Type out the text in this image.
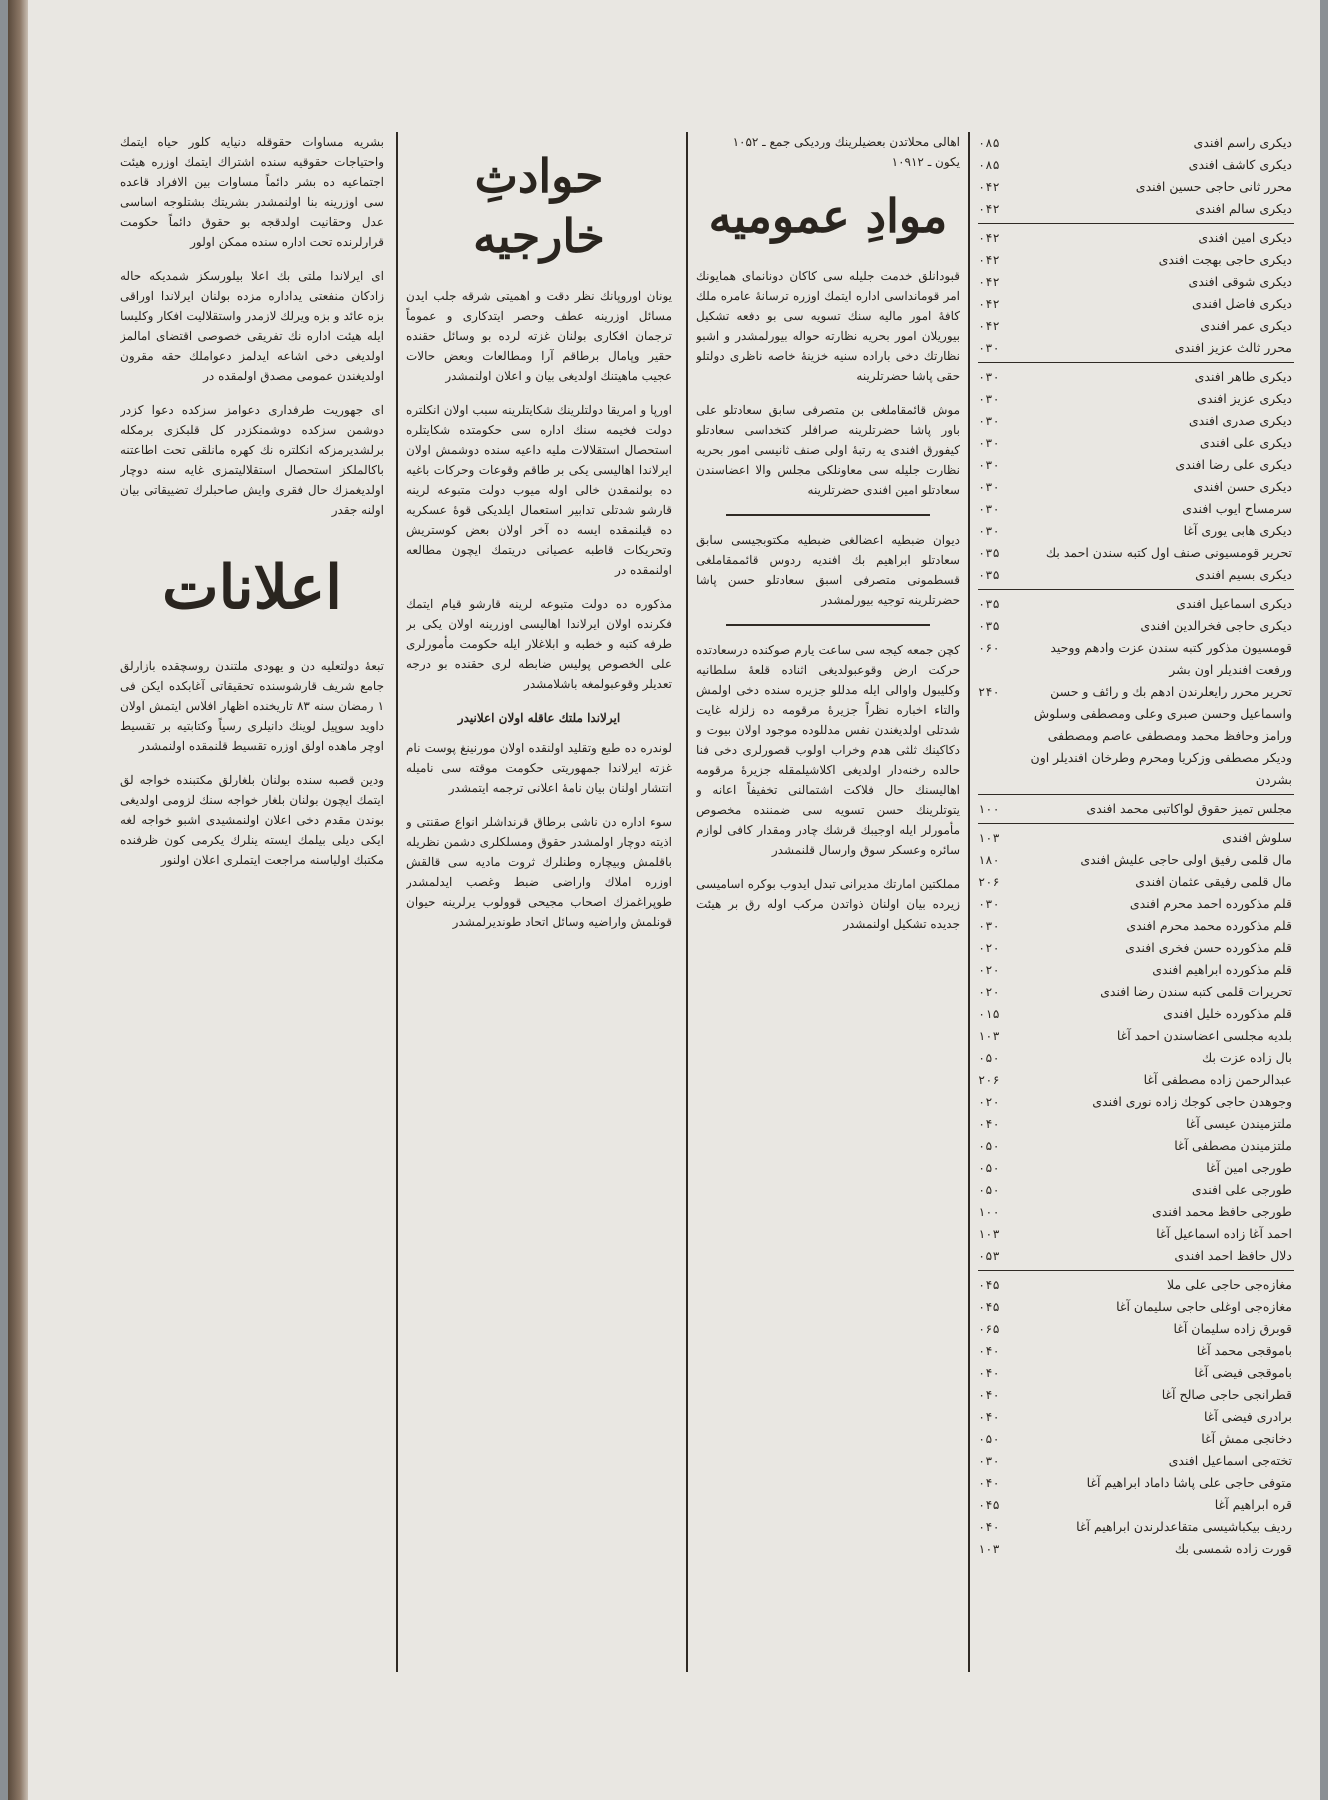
دیکری راسم افندی
۰۸۵
دیکری کاشف افندی
۰۸۵
محرر ثانی حاجی حسین افندی
۰۴۲
دیکری سالم افندی
۰۴۲
دیکری امین افندی
۰۴۲
دیکری حاجی بهجت افندی
۰۴۲
دیکری شوقی افندی
۰۴۲
دیکری فاضل افندی
۰۴۲
دیکری عمر افندی
۰۴۲
محرر ثالث عزیز افندی
۰۳۰
دیکری طاهر افندی
۰۳۰
دیکری عزیز افندی
۰۳۰
دیکری صدری افندی
۰۳۰
دیکری علی افندی
۰۳۰
دیکری علی رضا افندی
۰۳۰
دیکری حسن افندی
۰۳۰
سرمساح ایوب افندی
۰۳۰
دیکری هابی یوری آغا
۰۳۰
تحریر قومسیونی صنف اول کتبه سندن احمد بك
۰۳۵
دیکری بسیم افندی
۰۳۵
دیکری اسماعیل افندی
۰۳۵
دیکری حاجی فخرالدین افندی
۰۳۵
قومسیون مذکور کتبه سندن عزت وادهم ووحید ورفعت افندیلر اون بشر
۰۶۰
تحریر محرر رایعلرندن ادهم بك و رائف و حسن واسماعیل وحسن صبری وعلی ومصطفی وسلوش ورامز وحافظ محمد ومصطفی عاصم ومصطفی ودیکر مصطفی وزکریا ومحرم وطرخان افندیلر اون بشردن
۲۴۰
مجلس تمیز حقوق لواکاتبی محمد افندی
۱۰۰
سلوش افندی
۱۰۳
مال قلمی رفیق اولی حاجی علیش افندی
۱۸۰
مال قلمی رفیقی عثمان افندی
۲۰۶
قلم مذکورده احمد محرم افندی
۰۳۰
قلم مذکورده محمد محرم افندی
۰۳۰
قلم مذکورده حسن فخری افندی
۰۲۰
قلم مذکورده ابراهیم افندی
۰۲۰
تحریرات قلمی کتبه سندن رضا افندی
۰۲۰
قلم مذکورده خلیل افندی
۰۱۵
بلدیه مجلسی اعضاسندن احمد آغا
۱۰۳
بال زاده عزت بك
۰۵۰
عبدالرحمن زاده مصطفی آغا
۲۰۶
وجوهدن حاجی کوجك زاده نوری افندی
۰۲۰
ملتزمیندن عیسی آغا
۰۴۰
ملتزمیندن مصطفی آغا
۰۵۰
طورجی امین آغا
۰۵۰
طورجی علی افندی
۰۵۰
طورجی حافظ محمد افندی
۱۰۰
احمد آغا زاده اسماعیل آغا
۱۰۳
دلال حافظ احمد افندی
۰۵۳
مغازه‌جی حاجی علی ملا
۰۴۵
مغازه‌جی اوغلی حاجی سلیمان آغا
۰۴۵
قوبرق زاده سلیمان آغا
۰۶۵
باموقجی محمد آغا
۰۴۰
باموقجی فیضی آغا
۰۴۰
قطرانجی حاجی صالح آغا
۰۴۰
برادری فیضی آغا
۰۴۰
دخانجی ممش آغا
۰۵۰
تخته‌جی اسماعیل افندی
۰۳۰
متوفی حاجی علی پاشا داماد ابراهیم آغا
۰۴۰
قره ابراهیم آغا
۰۴۵
ردیف بیکباشیسی متقاعدلرندن ابراهیم آغا
۰۴۰
قورت زاده شمسی بك
۱۰۳
اهالی محلاتدن بعضیلرینك وردیکی جمع ـ ۱۰۵۲
یکون ـ ۱۰۹۱۲
موادِ عمومیه

قبودانلق خدمت جلیله سی کاکان دونانمای همایونك امر قومانداسی اداره ایتمك اوزره ترسانهٔ عامره ملك کافهٔ امور مالیه سنك تسویه سی بو دفعه تشکیل بیوریلان امور بحریه نظارته حواله بیورلمشدر و اشبو نظارتك دخی باراده سنیه خزینهٔ خاصه ناظری دولتلو حقی پاشا حضرتلرینه

موش قائمقاملغی بن متصرفی سابق سعادتلو علی باور پاشا حضرتلرینه صرافلر کتخداسی سعادتلو کیفورق افندی یه رتبهٔ اولی صنف ثانیسی امور بحریه نظارت جلیله سی معاونلکی مجلس والا اعضاسندن سعادتلو امین افندی حضرتلرینه

دیوان ضبطیه اعضالغی ضبطیه مکتوبجیسی سابق سعادتلو ابراهیم بك افندیه ردوس قائممقاملغی قسطمونی متصرفی اسبق سعادتلو حسن پاشا حضرتلرینه توجیه بیورلمشدر

کچن جمعه کیجه سی ساعت یارم صوکنده درسعادتده حرکت ارض وقوعبولدیغی اثناده قلعهٔ سلطانیه وکلیبول واوالی ایله مدللو جزیره سنده دخی اولمش والتاء اخباره نظراً جزیرهٔ مرقومه ده زلزله غایت شدتلی اولدیغندن نفس مدللوده موجود اولان بیوت و دکاکینك ثلثی هدم وخراب اولوب قصورلری دخی فنا حالده رخنه‌دار اولدیغی اکلاشیلمقله جزیرهٔ مرقومه اهالیسنك حال فلاکت اشتمالنی تخفیفاً اعانه و یتوتلرینك حسن تسویه سی ضمننده مخصوص مأمورلر ایله اوجیبك قرشك چادر ومقدار کافی لوازم سائره وعسکر سوق وارسال قلنمشدر

مملکتین امارتك مدیرانی تبدل ایدوب بوکره اسامیسی زیرده بیان اولنان ذواتدن مرکب اوله رق بر هیئت جدیده تشکیل اولنمشدر

حوادثِ خارجیه

یونان اوروپانك نظر دقت و اهمیتی شرقه جلب ایدن مسائل اوزرینه عطف وحصر ایتدکاری و عموماً ترجمان افکاری بولنان غزته لرده بو وسائل حقنده حقیر وپامال برطاقم آرا ومطالعات وبعض حالات عجیب ماهیتنك اولدیغی بیان و اعلان اولنمشدر

اورپا و امریقا دولتلرینك شکایتلرینه سبب اولان انکلتره دولت فخیمه سنك اداره سی حکومتده شکایتلره استحصال استقلالات ملیه داعیه سنده دوشمش اولان ایرلاندا اهالیسی یکی بر طاقم وقوعات وحرکات باغیه ده بولنمقدن خالی اوله میوب دولت متبوعه لرینه قارشو شدتلی تدابیر استعمال ایلدیکی قوهٔ عسکریه ده قیلنمقده ایسه ده آخر اولان بعض کوستریش وتحریکات قاطبه عصیانی دریتمك ایچون مطالعه اولنمقده در

مذکوره ده دولت متبوعه لرینه قارشو قیام ایتمك فکرنده اولان ایرلاندا اهالیسی اوزرینه اولان یکی بر طرفه کتبه و خطبه و ابلاغلار ایله حکومت مأمورلری علی الخصوص پولیس ضابطه لری حقنده بو درجه تعدیلر وقوعبولمغه باشلامشدر

ایرلاندا ملتك عاقله اولان اعلانیدر

لوندره ده طبع وتقلید اولنقده اولان مورنینغ پوست نام غزته ایرلاندا جمهوریتی حکومت موقته سی نامیله انتشار اولنان بیان نامهٔ اعلانی ترجمه ایتمشدر

سوء اداره دن ناشی برطاق قرنداشلر انواع صقنتی و اذیته دوچار اولمشدر حقوق ومسلکلری دشمن نظریله باقلمش وبیچاره وطنلرك ثروت مادیه سی قالقش اوزره املاك واراضی ضبط وغصب ایدلمشدر طوپراغمزك اصحاب مجیحی قوولوب یرلرینه حیوان قونلمش واراضیه وسائل اتحاد طوندیرلمشدر

بشریه مساوات حقوقله دنیایه کلور حیاه ایتمك واحتیاجات حقوقیه سنده اشتراك ایتمك اوزره هیئت اجتماعیه ده بشر دائماً مساوات بین الافراد قاعده سی اوزرینه بنا اولنمشدر بشریتك بشتلوجه اساسی عدل وحقانیت اولدقجه بو حقوق دائماً حکومت قرارلرنده تحت اداره سنده ممکن اولور

ای ایرلاندا ملتی بك اعلا بیلورسکز شمدیکه حاله زادکان منفعتی یداداره مزده بولنان ایرلاندا اوراقی بزه عائد و بزه ویرلك لازمدر واستقلالیت افکار وکلیسا ایله هیئت اداره نك تفریقی خصوصی اقتضای امالمز اولدیغی دخی اشاعه ایدلمز دعواملك حقه مقرون اولدیغندن عمومی مصدق اولمقده در

ای جهوریت طرفداری دعوامز سزکده دعوا کزدر دوشمن سزکده دوشمنکزدر کل قلبکزی برمکله برلشدیرمزکه انکلتره نك کهره مانلقی تحت اطاعتنه باکالملکز استحصال استقلالیتمزی غایه سنه دوچار اولدیغمزك حال فقری وایش صاحبلرك تضییقاتی بیان اولنه جقدر

اعلانات

تبعهٔ دولتعلیه دن و یهودی ملتندن روسچقده بازارلق جامع شریف قارشوسنده تحقیقاتی آغابکده ایکن فی ۱ رمضان سنه ۸۳ تاریخنده اظهار افلاس ایتمش اولان داوید سوپیل لوینك دانیلری رسیاً وکتابتیه بر تقسیط اوچر ماهده اولق اوزره تقسیط قلنمقده اولنمشدر

ودین قصبه سنده بولنان بلغارلق مکتبنده خواجه لق ایتمك ایچون بولنان بلغار خواجه سنك لزومی اولدیغی بوندن مقدم دخی اعلان اولنمشیدی اشبو خواجه لغه ایکی دیلی بیلمك ایسته ینلرك یکرمی کون ظرفنده مکتبك اولیاسنه مراجعت ایتملری اعلان اولنور
